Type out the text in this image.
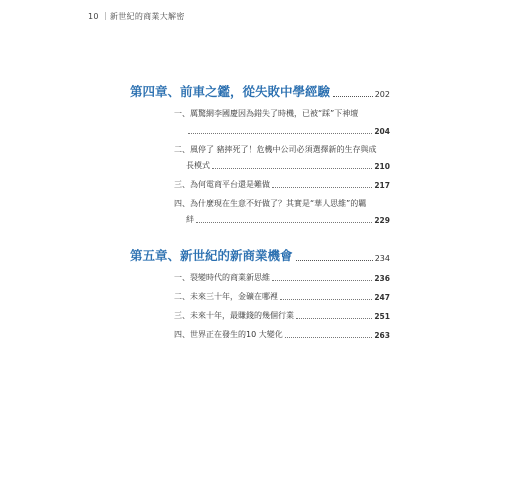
10 ｜新世紀的商業大解密
第四章、前車之鑑，從失敗中學經驗	202
一、厲驚網李國慶因為錯失了時機，已被“踩”下神壇
204
二、風停了 豬摔死了！危機中公司必須選擇新的生存與成
長模式	210
三、為何電商平台還是難做	217
四、為什麼現在生意不好做了？其實是“華人思維”的羈
絆	229
第五章、新世紀的新商業機會	234
一、裂變時代的商業新思維	236
二、未來三十年，金礦在哪裡	247
三、未來十年，最賺錢的幾個行業	251
四、世界正在發生的10 大變化	263
